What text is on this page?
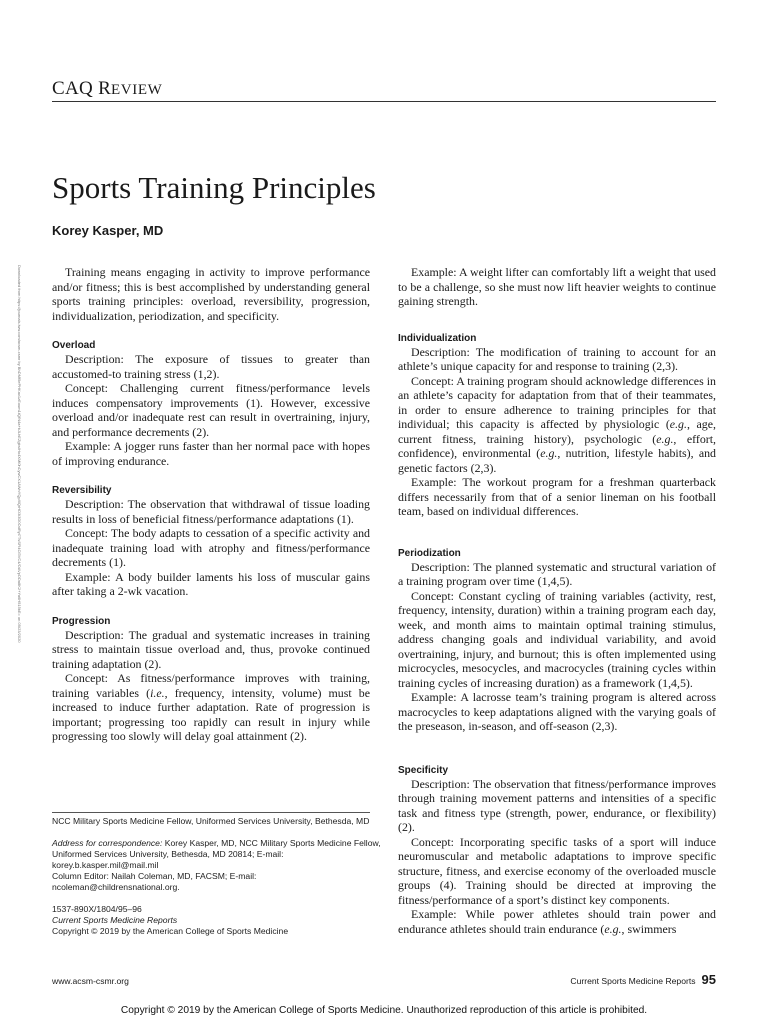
CAQ REVIEW
Sports Training Principles
Korey Kasper, MD
Downloaded from https://journals.lww.com/acsm-csmr by BhDMf5ePHKav1zEoum1tQfN4a+kJLhEZgbsIHo4XMi0hCywCX1AWnYQp/IlQrHD3i3D0OdRyi7TvSFl4Cf3VC4/OAVpDDa8K2+Ya6H515kE= on 09/23/2020	Training means engaging in activity to improve performance and/or fitness; this is best accomplished by understanding general sports training principles: overload, reversibility, progression, individualization, periodization, and specificity.

Overload

Description: The exposure of tissues to greater than accustomed-to training stress (1,2).

Concept: Challenging current fitness/performance levels induces compensatory improvements (1). However, excessive overload and/or inadequate rest can result in overtraining, injury, and performance decrements (2).

Example: A jogger runs faster than her normal pace with hopes of improving endurance.

Reversibility

Description: The observation that withdrawal of tissue loading results in loss of beneficial fitness/performance adaptations (1).

Concept: The body adapts to cessation of a specific activity and inadequate training load with atrophy and fitness/performance decrements (1).

Example: A body builder laments his loss of muscular gains after taking a 2-wk vacation.

Progression

Description: The gradual and systematic increases in training stress to maintain tissue overload and, thus, provoke continued training adaptation (2).

Concept: As fitness/performance improves with training, training variables (i.e., frequency, intensity, volume) must be increased to induce further adaptation. Rate of progression is important; progressing too rapidly can result in injury while progressing too slowly will delay goal attainment (2).

Example: A weight lifter can comfortably lift a weight that used to be a challenge, so she must now lift heavier weights to continue gaining strength.

Individualization

Description: The modification of training to account for an athlete’s unique capacity for and response to training (2,3).

Concept: A training program should acknowledge differences in an athlete’s capacity for adaptation from that of their teammates, in order to ensure adherence to training principles for that individual; this capacity is affected by physiologic (e.g., age, current fitness, training history), psychologic (e.g., effort, confidence), environmental (e.g., nutrition, lifestyle habits), and genetic factors (2,3).

Example: The workout program for a freshman quarterback differs necessarily from that of a senior lineman on his football team, based on individual differences.

Periodization

Description: The planned systematic and structural variation of a training program over time (1,4,5).

Concept: Constant cycling of training variables (activity, rest, frequency, intensity, duration) within a training program each day, week, and month aims to maintain optimal training stimulus, address changing goals and individual variability, and avoid overtraining, injury, and burnout; this is often implemented using microcycles, mesocycles, and macrocycles (training cycles within training cycles of increasing duration) as a framework (1,4,5).

Example: A lacrosse team’s training program is altered across macrocycles to keep adaptations aligned with the varying goals of the preseason, in-season, and off-season (2,3).

Specificity

Description: The observation that fitness/performance improves through training movement patterns and intensities of a specific task and fitness type (strength, power, endurance, or flexibility) (2).

Concept: Incorporating specific tasks of a sport will induce neuromuscular and metabolic adaptations to improve specific structure, fitness, and exercise economy of the overloaded muscle groups (4). Training should be directed at improving the fitness/performance of a sport’s distinct key components.

Example: While power athletes should train power and endurance athletes should train endurance (e.g., swimmers

NCC Military Sports Medicine Fellow, Uniformed Services University, Bethesda, MD

Address for correspondence: Korey Kasper, MD, NCC Military Sports Medicine Fellow, Uniformed Services University, Bethesda, MD 20814; E-mail: korey.b.kasper.mil@mail.mil

Column Editor: Nailah Coleman, MD, FACSM; E-mail: ncoleman@childrensnational.org.

1537-890X/1804/95–96

Current Sports Medicine Reports

Copyright © 2019 by the American College of Sports Medicine

www.acsm-csmr.org	Current Sports Medicine Reports 95
Copyright © 2019 by the American College of Sports Medicine. Unauthorized reproduction of this article is prohibited.
